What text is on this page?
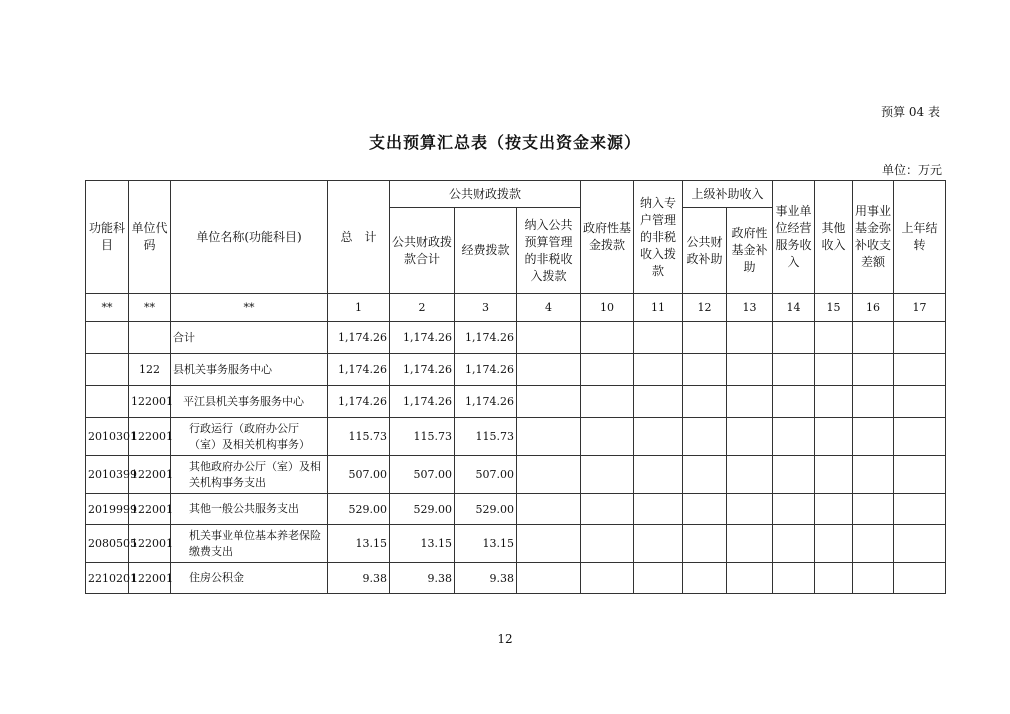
预算 04 表
支出预算汇总表（按支出资金来源）
单位：万元
功能科目	单位代码	单位名称(功能科目)	总　计	公共财政拨款			政府性基金拨款	纳入专户管理的非税收入拨款	上级补助收入		事业单位经营服务收入	其他收入	用事业基金弥补收支差额	上年结转
				公共财政拨款合计	经费拨款	纳入公共预算管理的非税收入拨款			公共财政补助	政府性基金补助				
**	**	**	1	2	3	4	10	11	12	13	14	15	16	17
		合计	1,174.26	1,174.26	1,174.26									
	122	县机关事务服务中心	1,174.26	1,174.26	1,174.26									
	122001	平江县机关事务服务中心	1,174.26	1,174.26	1,174.26									
2010301	122001	行政运行（政府办公厅（室）及相关机构事务）	115.73	115.73	115.73									
2010399	122001	其他政府办公厅（室）及相关机构事务支出	507.00	507.00	507.00									
2019999	122001	其他一般公共服务支出	529.00	529.00	529.00									
2080505	122001	机关事业单位基本养老保险缴费支出	13.15	13.15	13.15									
2210201	122001	住房公积金	9.38	9.38	9.38									
12
